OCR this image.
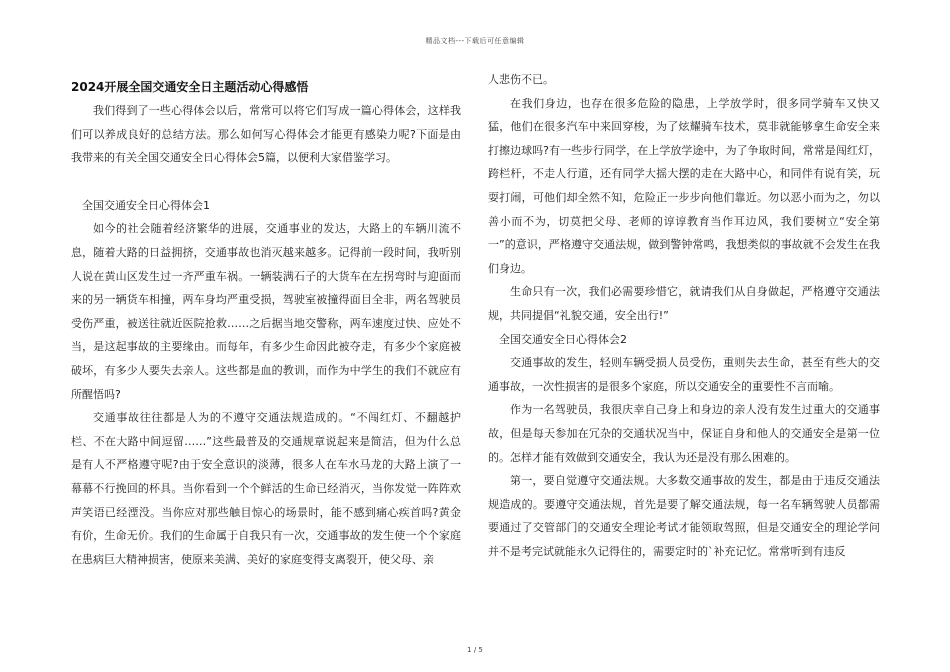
精品文档---下载后可任意编辑

2024开展全国交通安全日主题活动心得感悟

我们得到了一些心得体会以后，常常可以将它们写成一篇心得体会，这样我们可以养成良好的总结方法。那么如何写心得体会才能更有感染力呢?下面是由我带来的有关全国交通安全日心得体会5篇，以便利大家借鉴学习。

全国交通安全日心得体会1

如今的社会随着经济繁华的进展，交通事业的发达，大路上的车辆川流不息，随着大路的日益拥挤，交通事故也消灭越来越多。记得前一段时间，我听别人说在黄山区发生过一齐严重车祸。一辆装满石子的大货车在左拐弯时与迎面而来的另一辆货车相撞，两车身均严重受损，驾驶室被撞得面目全非，两名驾驶员受伤严重，被送往就近医院抢救……之后据当地交警称，两车速度过快、应处不当，是这起事故的主要缘由。而每年，有多少生命因此被夺走，有多少个家庭被破坏，有多少人要失去亲人。这些都是血的教训，而作为中学生的我们不就应有所醒悟吗?

交通事故往往都是人为的不遵守交通法规造成的。“不闯红灯、不翻越护栏、不在大路中间逗留……”这些最普及的交通规章说起来是简洁，但为什么总是有人不严格遵守呢?由于安全意识的淡薄，很多人在车水马龙的大路上演了一幕幕不行挽回的杯具。当你看到一个个鲜活的生命已经消灭，当你发觉一阵阵欢声笑语已经湮没。当你应对那些触目惊心的场景时，能不感到痛心疾首吗?黄金有价，生命无价。我们的生命属于自我只有一次，交通事故的发生使一个个家庭在患病巨大精神损害，使原来美满、美好的家庭变得支离裂开，使父母、亲

人悲伤不已。

在我们身边，也存在很多危险的隐患，上学放学时，很多同学骑车又快又猛，他们在很多汽车中来回穿梭，为了炫耀骑车技术，莫非就能够拿生命安全来打擦边球吗?有一些步行同学，在上学放学途中，为了争取时间，常常是闯红灯，跨栏杆，不走人行道，还有同学大摇大摆的走在大路中心，和同伴有说有笑，玩耍打闹，可他们却全然不知，危险正一步步向他们靠近。勿以恶小而为之，勿以善小而不为，切莫把父母、老师的谆谆教育当作耳边风，我们要树立“安全第一”的意识，严格遵守交通法规，做到警钟常鸣，我想类似的事故就不会发生在我们身边。

生命只有一次，我们必需要珍惜它，就请我们从自身做起，严格遵守交通法规，共同提倡“礼貌交通，安全出行!”

全国交通安全日心得体会2

交通事故的发生，轻则车辆受损人员受伤，重则失去生命，甚至有些大的交通事故，一次性损害的是很多个家庭，所以交通安全的重要性不言而喻。

作为一名驾驶员，我很庆幸自己身上和身边的亲人没有发生过重大的交通事故，但是每天参加在冗杂的交通状况当中，保证自身和他人的交通安全是第一位的。怎样才能有效做到交通安全，我认为还是没有那么困难的。

第一，要自觉遵守交通法规。大多数交通事故的发生，都是由于违反交通法规造成的。要遵守交通法规，首先是要了解交通法规，每一名车辆驾驶人员都需要通过了交管部门的交通安全理论考试才能领取驾照，但是交通安全的理论学问并不是考完试就能永久记得住的，需要定时的`补充记忆。常常听到有违反

1 / 5
